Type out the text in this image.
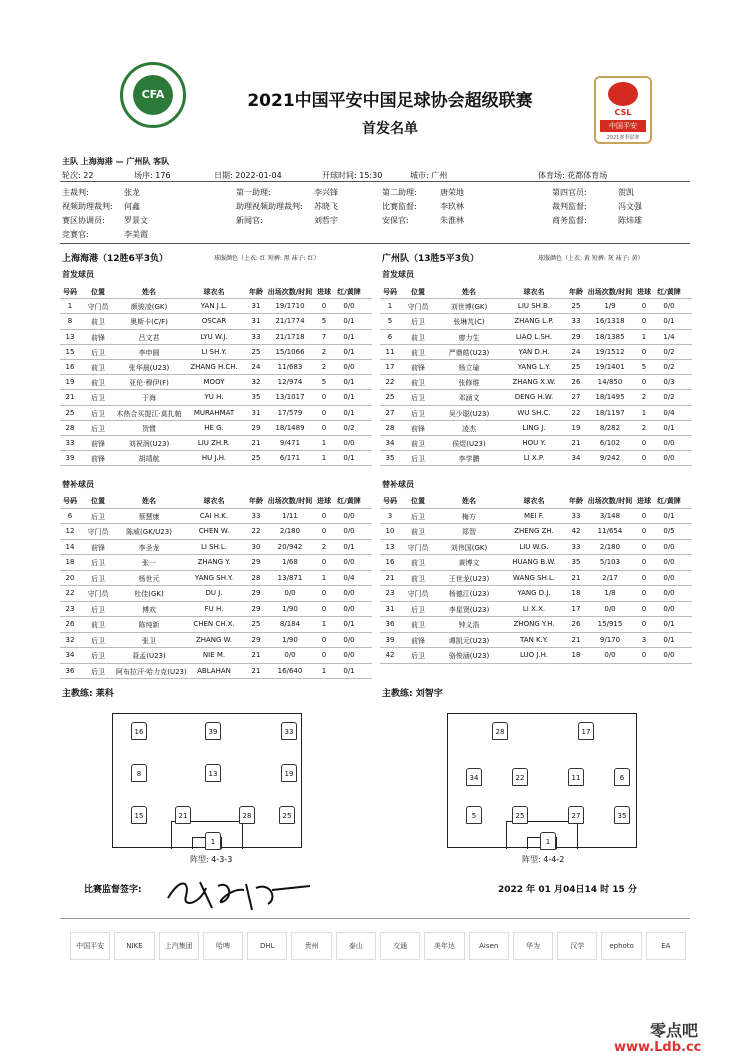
CFA
CSL
中国平安
2021赛季联赛
2021中国平安中国足球协会超级联赛
首发名单
主队 上海海港 — 广州队 客队
轮次: 22	场序: 176	日期: 2022-01-04	开球时间: 15:30	城市: 广州	体育场: 花都体育场
主裁判:	张龙	第一助理:	李兴锋	第二助理:	唐荣地	第四官员:	贺凯
视频助理裁判: 何鑫	助理视频助理裁判: 苏晓飞	比赛监督:	李玖林	裁判监督:	冯文强
赛区协调员: 罗景文	新闻官:	刘哲宇	安保官:	朱淮林	商务监督:	陈炜雄
竞赛官:	李美霞
上海海港（12胜6平3负）	球服颜色（上衣: 红 短裤: 黑 袜子: 红）	广州队（13胜5平3负）	球服颜色（上衣: 黄 短裤: 灰 袜子: 黄）
首发球员	首发球员
号码	位置	姓名	球衣名	年龄 出场次数/时间 进球 红/黄牌
1	守门员	颜骏凌(GK)	YAN J.L.	31	19/1710	0	0/0
8	前卫	奥斯卡(C/F)	OSCAR	31	21/1774	5	0/1
13	前锋	吕文君	LYU W.J.	33	21/1718	7	0/1
15	后卫	李申圆	LI SH.Y.	25	15/1066	2	0/1
16	前卫	张华晨(U23)	ZHANG H.CH.	24	11/683	2	0/0
19	前卫	亚伦·穆伊(F)	MOOY	32	12/974	5	0/1
21	后卫	于海	YU H.	35	13/1017	0	0/1
25	后卫	木热合买提江·莫扎帕	MURAHMAT	31	17/579	0	0/1
28	后卫	贺惯	HE G.	29	18/1489	0	0/2
33	前锋	刘祝润(U23)	LIU ZH.R.	21	9/471	1	0/0
39	前锋	胡靖航	HU J.H.	25	6/171	1	0/1
号码	位置	姓名	球衣名	年龄 出场次数/时间 进球 红/黄牌
1	守门员	刘世博(GK)	LIU SH.B.	25	1/9	0	0/0
5	后卫	张琳芃(C)	ZHANG L.P.	33	16/1318	0	0/1
6	前卫	廖力生	LIAO L.SH.	29	18/1385	1	1/4
11	前卫	严鼎皓(U23)	YAN D.H.	24	19/1512	0	0/2
17	前锋	杨立瑜	YANG L.Y.	25	19/1401	5	0/2
22	前卫	张修维	ZHANG X.W.	26	14/850	0	0/3
25	后卫	邓涵文	DENG H.W.	27	18/1495	2	0/2
27	后卫	吴少聪(U23)	WU SH.C.	22	18/1197	1	0/4
28	前锋	凌杰	LING J.	19	8/282	2	0/1
34	前卫	侯煜(U23)	HOU Y.	21	6/102	0	0/0
35	后卫	李学鹏	LI X.P.	34	9/242	0	0/0
替补球员	替补球员
号码	位置	姓名	球衣名	年龄 出场次数/时间 进球 红/黄牌
6	后卫	蔡慧康	CAI H.K.	33	1/11	0	0/0
12	守门员	陈威(GK/U23)	CHEN W.	22	2/180	0	0/0
14	前锋	李圣龙	LI SH.L.	30	20/942	2	0/1
18	后卫	张一	ZHANG Y.	29	1/68	0	0/0
20	后卫	杨世元	YANG SH.Y.	28	13/871	1	0/4
22	守门员	杜佳(GK)	DU J.	29	0/0	0	0/0
23	后卫	傅欢	FU H.	29	1/90	0	0/0
26	前卫	陈纯新	CHEN CH.X.	25	8/184	1	0/1
32	后卫	张卫	ZHANG W.	29	1/90	0	0/0
34	后卫	聂孟(U23)	NIE M.	21	0/0	0	0/0
36	后卫	阿布拉汗·哈力克(U23)	ABLAHAN	21	16/640	1	0/1
号码	位置	姓名	球衣名	年龄 出场次数/时间 进球 红/黄牌
3	后卫	梅方	MEI F.	33	3/148	0	0/1
10	前卫	郑智	ZHENG ZH.	42	11/654	0	0/5
13	守门员	刘伟国(GK)	LIU W.G.	33	2/180	0	0/0
16	前卫	黄博文	HUANG B.W.	35	5/103	0	0/0
21	前卫	王世龙(U23)	WANG SH.L.	21	2/17	0	0/0
23	守门员	杨德江(U23)	YANG D.J.	18	1/8	0	0/0
31	后卫	李星贤(U23)	LI X.X.	17	0/0	0	0/0
36	前卫	钟义浩	ZHONG Y.H.	26	15/915	0	0/1
39	前锋	谭凯元(U23)	TAN K.Y.	21	9/170	3	0/1
42	后卫	骆俊涵(U23)	LUO J.H.	18	0/0	0	0/0
主教练: 莱科	主教练: 刘智宇
16	39	33
8	13	19
15	21	28	25
1
28	17
34	22	11	6
5	25	27	35
1
阵型: 4-3-3	阵型: 4-4-2
比赛监督签字:	2022 年 01 月04日14 时 15 分
中国平安	NIKE	上汽集团	哈啤	DHL	贵州	泰山	交通	美年达	Aisen	华为	汉学	ephoto	EA
零点吧
www.Ldb.cc
